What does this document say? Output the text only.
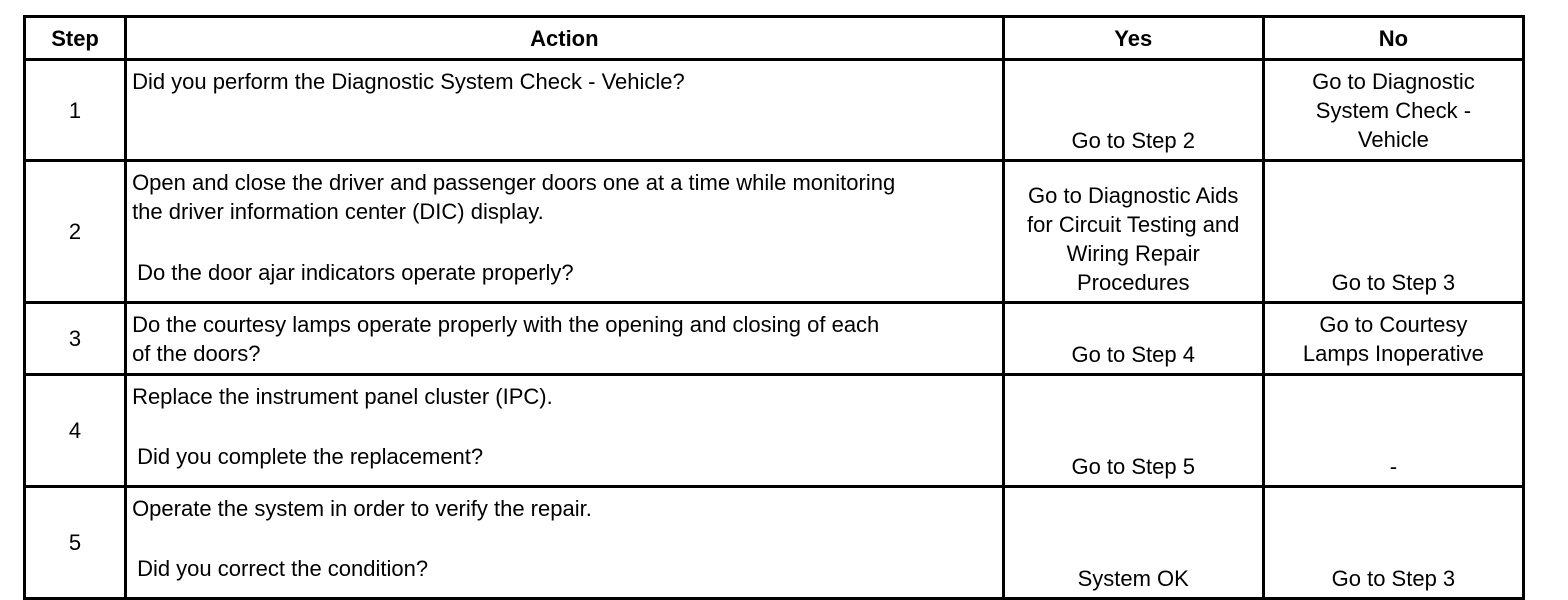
Step	Action	Yes	No
1	Did you perform the Diagnostic System Check - Vehicle?	Go to Step 2	Go to Diagnostic
System Check -
Vehicle

2	Open and close the driver and passenger doors one at a time while monitoring
the driver information center (DIC) display.
Do the door ajar indicators operate properly?	Go to Diagnostic Aids
for Circuit Testing and
Wiring Repair
Procedures	Go to Step 3

3	Do the courtesy lamps operate properly with the opening and closing of each
of the doors?	Go to Step 4	Go to Courtesy
Lamps Inoperative

4	Replace the instrument panel cluster (IPC).
Did you complete the replacement?	Go to Step 5	-

5	Operate the system in order to verify the repair.
Did you correct the condition?	System OK	Go to Step 3
